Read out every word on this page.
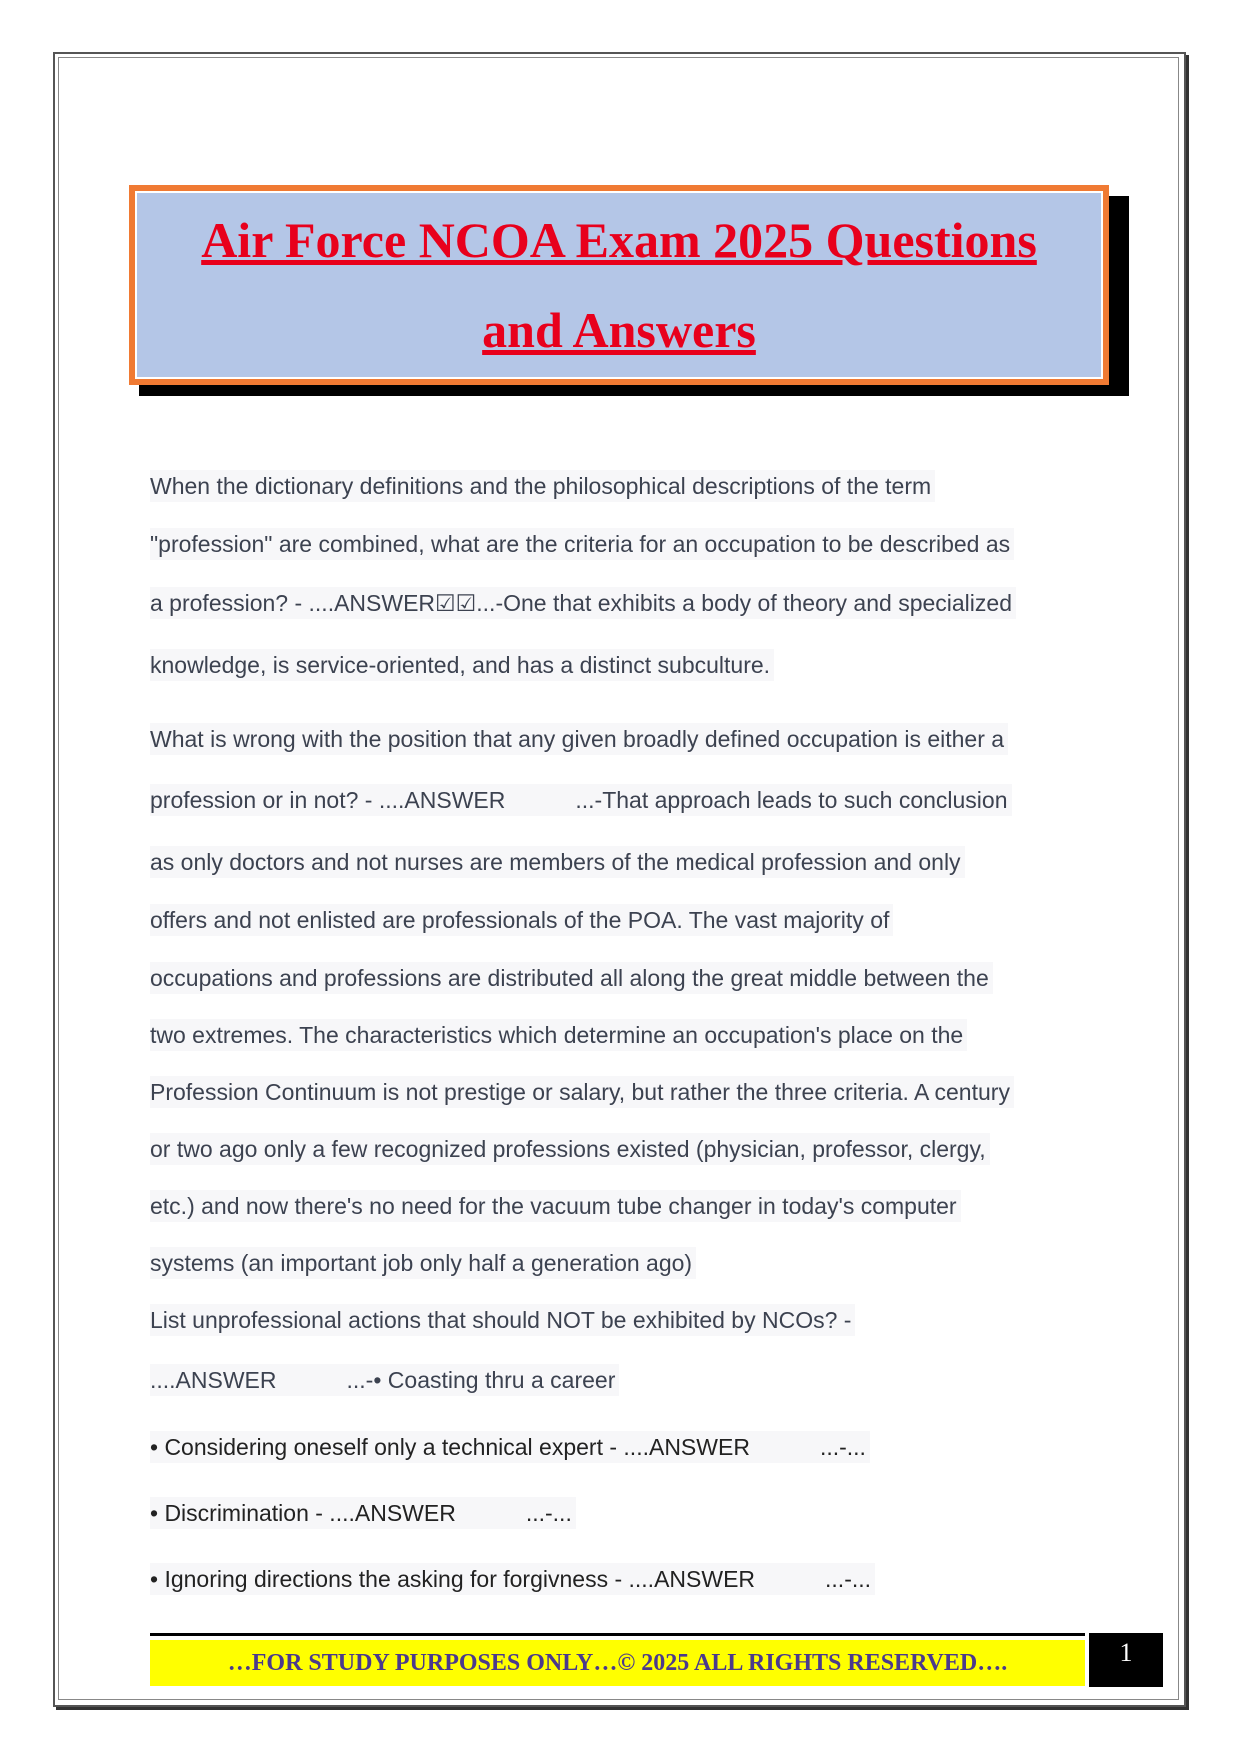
Air Force NCOA Exam 2025 Questions
and Answers
When the dictionary definitions and the philosophical descriptions of the term
"profession" are combined, what are the criteria for an occupation to be described as
a profession? - ....ANSWER☑☑...-One that exhibits a body of theory and specialized
knowledge, is service-oriented, and has a distinct subculture.
What is wrong with the position that any given broadly defined occupation is either a
profession or in not? - ....ANSWER	...-That approach leads to such conclusion
as only doctors and not nurses are members of the medical profession and only
offers and not enlisted are professionals of the POA. The vast majority of
occupations and professions are distributed all along the great middle between the
two extremes. The characteristics which determine an occupation's place on the
Profession Continuum is not prestige or salary, but rather the three criteria. A century
or two ago only a few recognized professions existed (physician, professor, clergy,
etc.) and now there's no need for the vacuum tube changer in today's computer
systems (an important job only half a generation ago)
List unprofessional actions that should NOT be exhibited by NCOs? -
....ANSWER	...-• Coasting thru a career
• Considering oneself only a technical expert - ....ANSWER	...-...
• Discrimination - ....ANSWER	...-...
• Ignoring directions the asking for forgivness - ....ANSWER	...-...
…FOR STUDY PURPOSES ONLY…© 2025 ALL RIGHTS RESERVED….	1
